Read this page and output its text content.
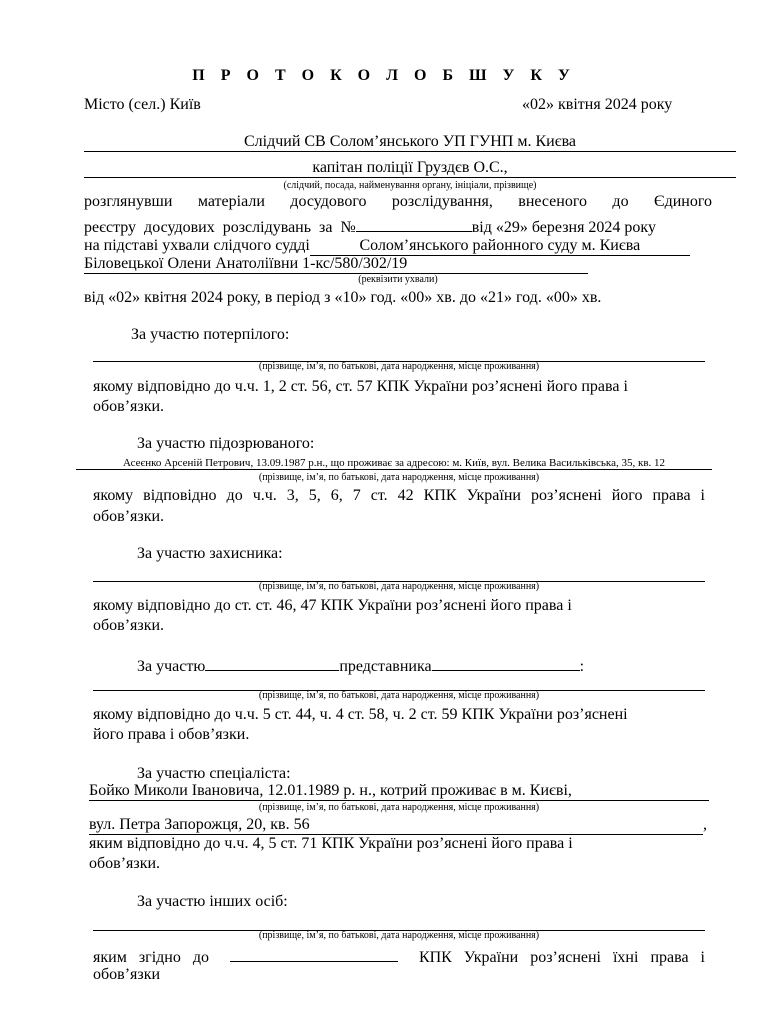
П Р О Т О К О Л О Б Ш У К У
Місто (сел.) Київ	«02» квітня 2024 року
Слідчий СВ Солом’янського УП ГУНП м. Києва
капітан поліції Груздєв О.С.,
(слідчий, посада, найменування органу, ініціали, прізвище)
розглянувши матеріали досудового розслідування, внесеного до Єдиного
реєстру досудових розслідувань за №	від «29» березня 2024 року
на підставі ухвали слідчого судді	Солом’янського районного суду м. Києва
Біловецької Олени Анатоліївни 1-кс/580/302/19
(реквізити ухвали)
від «02» квітня 2024 року, в період з «10» год. «00» хв. до «21» год. «00» хв.
За участю потерпілого:
(прізвище, ім’я, по батькові, дата народження, місце проживання)
якому відповідно до ч.ч. 1, 2 ст. 56, ст. 57 КПК України роз’яснені його права і
обов’язки.
За участю підозрюваного:
Асеєнко Арсеній Петрович, 13.09.1987 р.н., що проживає за адресою: м. Київ, вул. Велика Васильківська, 35, кв. 12
(прізвище, ім’я, по батькові, дата народження, місце проживання)
якому відповідно до ч.ч. 3, 5, 6, 7 ст. 42 КПК України роз’яснені його права і
обов’язки.
За участю захисника:
(прізвище, ім’я, по батькові, дата народження, місце проживання)
якому відповідно до ст. ст. 46, 47 КПК України роз’яснені його права і
обов’язки.
За участю	представника	:
(прізвище, ім’я, по батькові, дата народження, місце проживання)
якому відповідно до ч.ч. 5 ст. 44, ч. 4 ст. 58, ч. 2 ст. 59 КПК України роз’яснені
його права і обов’язки.
За участю спеціаліста:
Бойко Миколи Івановича, 12.01.1989 р. н., котрий проживає в м. Києві,
(прізвище, ім’я, по батькові, дата народження, місце проживання)
вул. Петра Запорожця, 20, кв. 56	,
яким відповідно до ч.ч. 4, 5 ст. 71 КПК України роз’яснені його права і
обов’язки.
За участю інших осіб:
(прізвище, ім’я, по батькові, дата народження, місце проживання)
яким згідно до	КПК України роз’яснені їхні права і
обов’язки
